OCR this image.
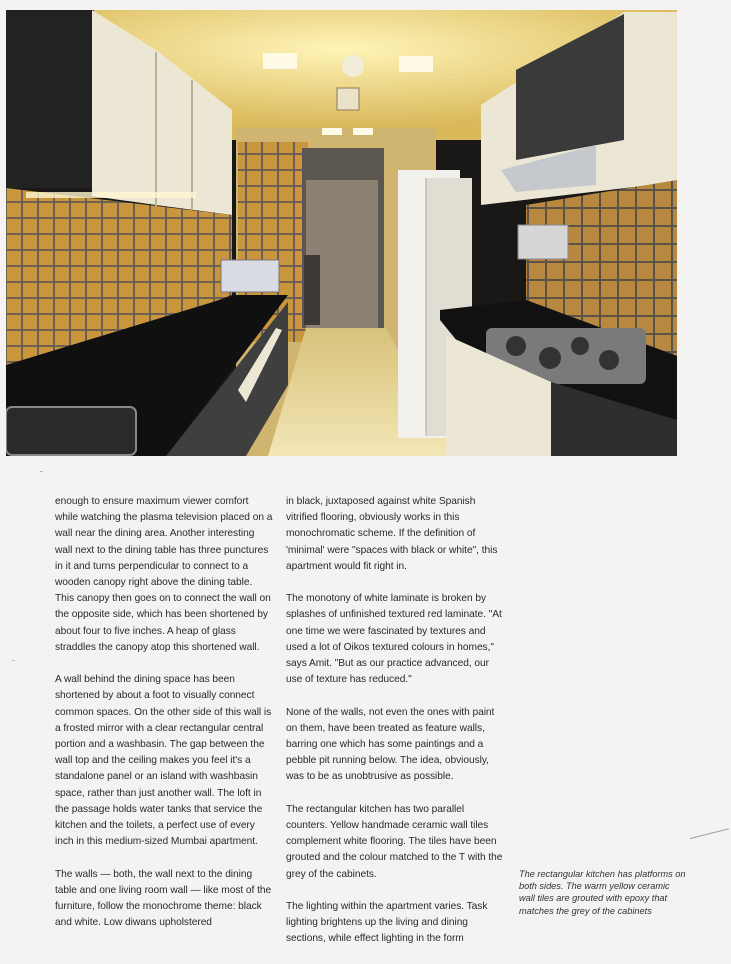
enough to ensure maximum viewer comfort while watching the plasma television placed on a wall near the dining area. Another interesting wall next to the dining table has three punctures in it and turns perpendicular to connect to a wooden canopy right above the dining table. This canopy then goes on to connect the wall on the opposite side, which has been shortened by about four to five inches. A heap of glass straddles the canopy atop this shortened wall.

A wall behind the dining space has been shortened by about a foot to visually connect common spaces. On the other side of this wall is a frosted mirror with a clear rectangular central portion and a washbasin. The gap between the wall top and the ceiling makes you feel it's a standalone panel or an island with washbasin space, rather than just another wall. The loft in the passage holds water tanks that service the kitchen and the toilets, a perfect use of every inch in this medium-sized Mumbai apartment.

The walls — both, the wall next to the dining table and one living room wall — like most of the furniture, follow the monochrome theme: black and white. Low diwans upholstered

in black, juxtaposed against white Spanish vitrified flooring, obviously works in this monochromatic scheme. If the definition of 'minimal' were "spaces with black or white", this apartment would fit right in.

The monotony of white laminate is broken by splashes of unfinished textured red laminate. "At one time we were fascinated by textures and used a lot of Oikos textured colours in homes," says Amit. "But as our practice advanced, our use of texture has reduced."

None of the walls, not even the ones with paint on them, have been treated as feature walls, barring one which has some paintings and a pebble pit running below. The idea, obviously, was to be as unobtrusive as possible.

The rectangular kitchen has two parallel counters. Yellow handmade ceramic wall tiles complement white flooring. The tiles have been grouted and the colour matched to the T with the grey of the cabinets.

The lighting within the apartment varies. Task lighting brightens up the living and dining sections, while effect lighting in the form

The rectangular kitchen has platforms on both sides. The warm yellow ceramic wall tiles are grouted with epoxy that matches the grey of the cabinets
